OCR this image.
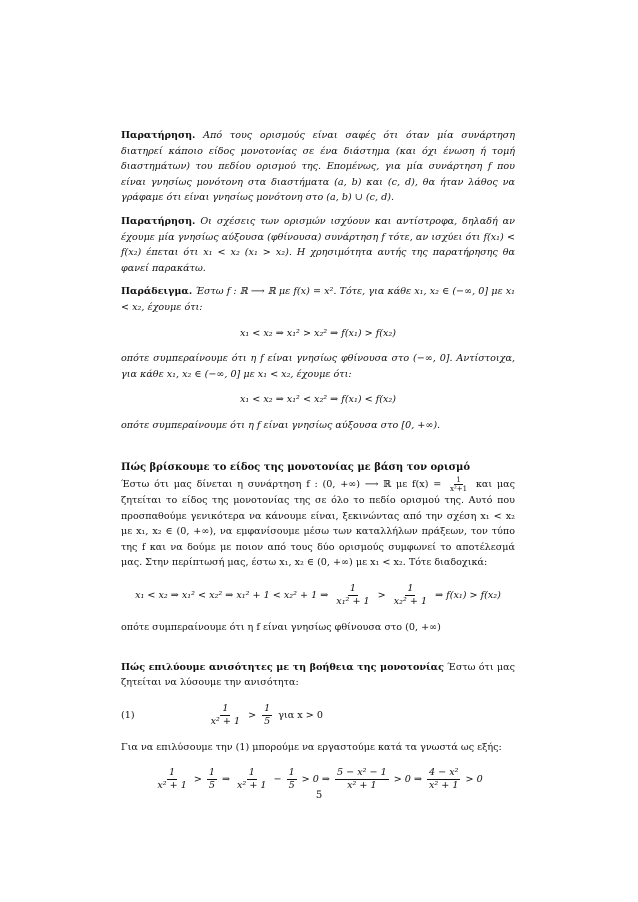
Παρατήρηση. Από τους ορισμούς είναι σαφές ότι όταν μία συνάρτηση διατηρεί κάποιο είδος μονοτονίας σε ένα διάστημα (και όχι ένωση ή τομή διαστημάτων) του πεδίου ορισμού της. Επομένως, για μία συνάρτηση f που είναι γνησίως μονότονη στα διαστήματα (a, b) και (c, d), θα ήταν λάθος να γράφαμε ότι είναι γνησίως μονότονη στο (a, b) ∪ (c, d).

Παρατήρηση. Οι σχέσεις των ορισμών ισχύουν και αντίστροφα, δηλαδή αν έχουμε μία γνησίως αύξουσα (φθίνουσα) συνάρτηση f τότε, αν ισχύει ότι f(x₁) < f(x₂) έπεται ότι x₁ < x₂ (x₁ > x₂). Η χρησιμότητα αυτής της παρατήρησης θα φανεί παρακάτω.

Παράδειγμα. Έστω f : ℝ ⟶ ℝ με f(x) = x². Τότε, για κάθε x₁, x₂ ∈ (−∞, 0] με x₁ < x₂, έχουμε ότι:

x₁ < x₂ ⇒ x₁² > x₂² ⇒ f(x₁) > f(x₂)

οπότε συμπεραίνουμε ότι η f είναι γνησίως φθίνουσα στο (−∞, 0]. Αντίστοιχα, για κάθε x₁, x₂ ∈ (−∞, 0] με x₁ < x₂, έχουμε ότι:

x₁ < x₂ ⇒ x₁² < x₂² ⇒ f(x₁) < f(x₂)

οπότε συμπεραίνουμε ότι η f είναι γνησίως αύξουσα στο [0, +∞).

Πώς βρίσκουμε το είδος της μονοτονίας με βάση τον ορισμό

Έστω ότι μας δίνεται η συνάρτηση f : (0, +∞) ⟶ ℝ με $f(x) = \frac{1}{\text{x²+1}}$ και μας ζητείται το είδος της μονοτονίας της σε όλο το πεδίο ορισμού της. Αυτό που προσπαθούμε γενικότερα να κάνουμε είναι, ξεκινώντας από την σχέση x₁ < x₂ με x₁, x₂ ∈ (0, +∞), να εμφανίσουμε μέσω των καταλλήλων πράξεων, τον τύπο της f και να δούμε με ποιον από τους δύο ορισμούς συμφωνεί το αποτέλεσμά μας. Στην περίπτωσή μας, έστω x₁, x₂ ∈ (0, +∞) με x₁ < x₂. Τότε διαδοχικά:

x₁ < x₂ ⇒ x₁² < x₂² ⇒ x₁² + 1 < x₂² + 1 ⇒ $\frac{1}{\text{x₁² + 1}} > \frac{1}{\text{x₂² + 1}}$ ⇒ f(x₁) > f(x₂)

οπότε συμπεραίνουμε ότι η f είναι γνησίως φθίνουσα στο (0, +∞)

Πώς επιλύουμε ανισότητες με τη βοήθεια της μονοτονίας Έστω ότι μας ζητείται να λύσουμε την ανισότητα:

(1)	$\frac{1}{\text{x² + 1}} > \frac{1}{5}$ για x > 0

Για να επιλύσουμε την (1) μπορούμε να εργαστούμε κατά τα γνωστά ως εξής:

$\frac{1}{\text{x² + 1}} > \frac{1}{5}$ ⇒ $\frac{1}{\text{x² + 1}} - \frac{1}{5} > 0$ ⇒ $\frac{\text{5 − x² − 1}}{\text{x² + 1}} > 0$ ⇒ $\frac{\text{4 − x²}}{\text{x² + 1}} > 0$
5
